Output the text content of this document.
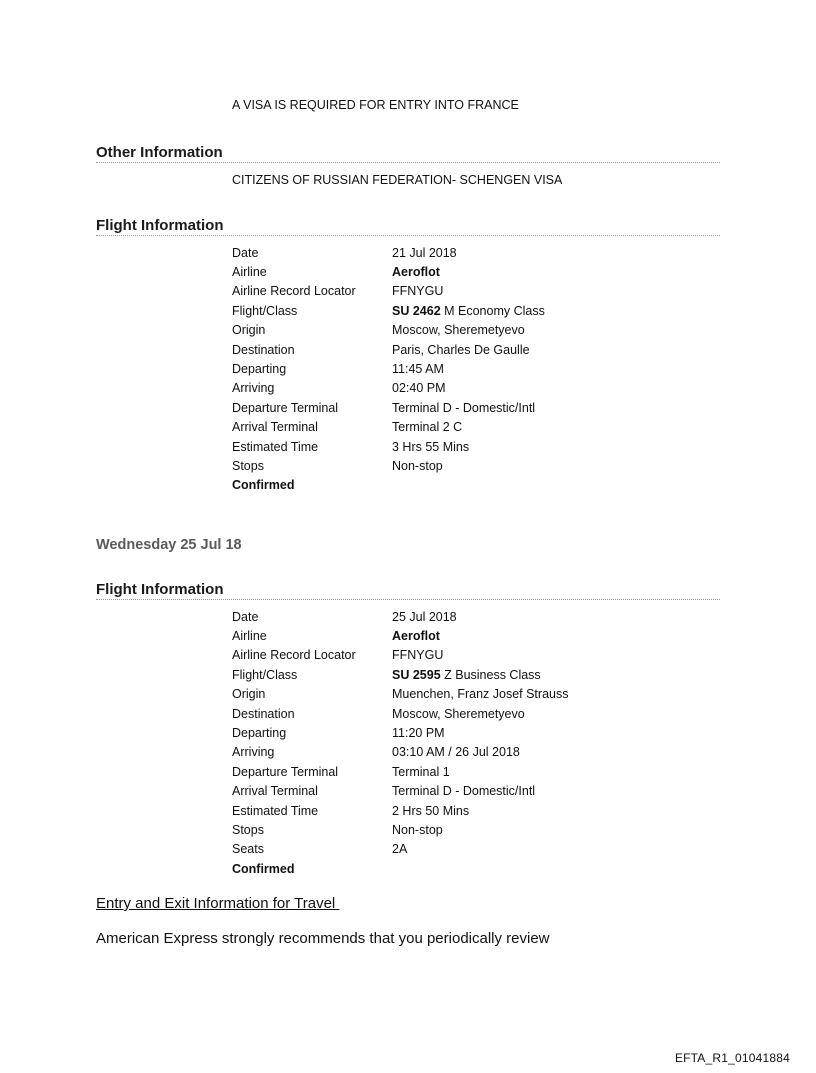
A VISA IS REQUIRED FOR ENTRY INTO FRANCE
Other Information
CITIZENS OF RUSSIAN FEDERATION- SCHENGEN VISA
Flight Information
Date	21 Jul 2018
Airline	Aeroflot
Airline Record Locator	FFNYGU
Flight/Class	SU 2462 M Economy Class
Origin	Moscow, Sheremetyevo
Destination	Paris, Charles De Gaulle
Departing	11:45 AM
Arriving	02:40 PM
Departure Terminal	Terminal D - Domestic/Intl
Arrival Terminal	Terminal 2 C
Estimated Time	3 Hrs 55 Mins
Stops	Non-stop
Confirmed	
Wednesday 25 Jul 18
Flight Information
Date	25 Jul 2018
Airline	Aeroflot
Airline Record Locator	FFNYGU
Flight/Class	SU 2595 Z Business Class
Origin	Muenchen, Franz Josef Strauss
Destination	Moscow, Sheremetyevo
Departing	11:20 PM
Arriving	03:10 AM / 26 Jul 2018
Departure Terminal	Terminal 1
Arrival Terminal	Terminal D - Domestic/Intl
Estimated Time	2 Hrs 50 Mins
Stops	Non-stop
Seats	2A
Confirmed	
Entry and Exit Information for Travel
American Express strongly recommends that you periodically review
EFTA_R1_01041884
